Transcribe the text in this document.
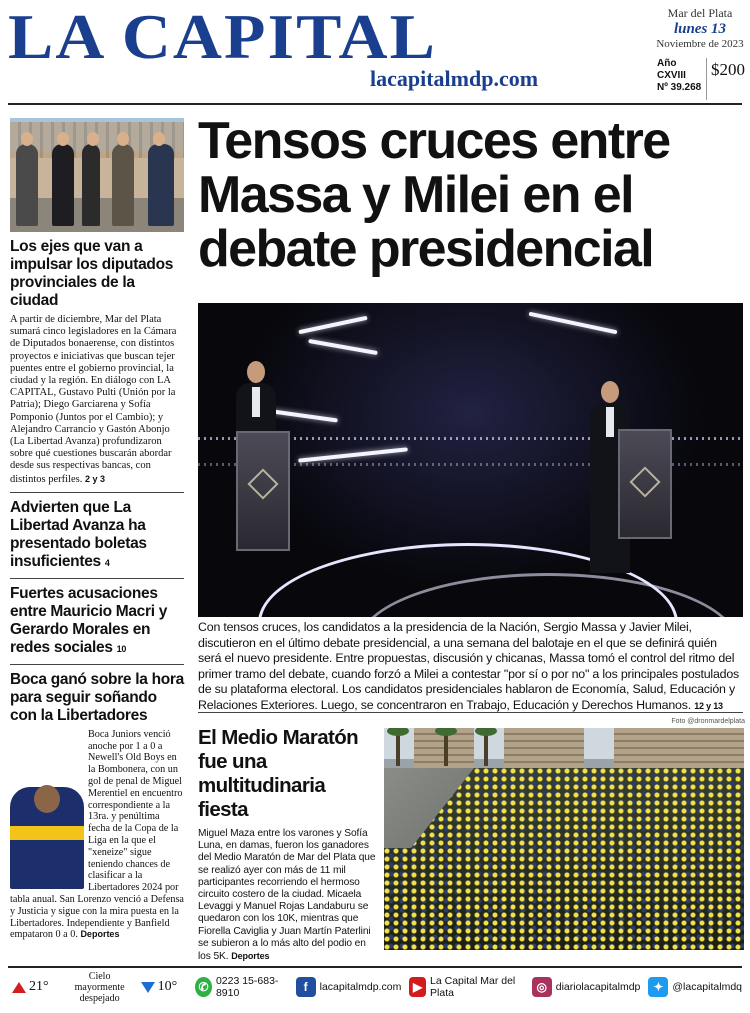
LA CAPITAL
lacapitalmdp.com
Mar del Plata
lunes 13
Noviembre de 2023
Año CXVIII
Nº 39.268
$200
Los ejes que van a impulsar los diputados provinciales de la ciudad
A partir de diciembre, Mar del Plata sumará cinco legisladores en la Cámara de Diputados bonaerense, con distintos proyectos e iniciativas que buscan tejer puentes entre el gobierno provincial, la ciudad y la región. En diálogo con LA CAPITAL, Gustavo Pulti (Unión por la Patria); Diego Garciarena y Sofía Pomponio (Juntos por el Cambio); y Alejandro Carrancio y Gastón Abonjo (La Libertad Avanza) profundizaron sobre qué cuestiones buscarán abordar desde sus respectivas bancas, con distintos perfiles. 2 y 3
Advierten que La Libertad Avanza ha presentado boletas insuficientes 4
Fuertes acusaciones entre Mauricio Macri y Gerardo Morales en redes sociales 10
Boca ganó sobre la hora para seguir soñando con la Libertadores
Boca Juniors venció anoche por 1 a 0 a Newell's Old Boys en la Bombonera, con un gol de penal de Miguel Merentiel en encuentro correspondiente a la 13ra. y penúltima fecha de la Copa de la Liga en la que el "xeneize" sigue teniendo chances de clasificar a la Libertadores 2024 por tabla anual. San Lorenzo venció a Defensa y Justicia y sigue con la mira puesta en la Libertadores. Independiente y Banfield empataron 0 a 0. Deportes
Tensos cruces entre Massa y Milei en el debate presidencial
Con tensos cruces, los candidatos a la presidencia de la Nación, Sergio Massa y Javier Milei, discutieron en el último debate presidencial, a una semana del balotaje en el que se definirá quién será el nuevo presidente. Entre propuestas, discusión y chicanas, Massa tomó el control del ritmo del primer tramo del debate, cuando forzó a Milei a contestar "por sí o por no" a los principales postulados de su plataforma electoral. Los candidatos presidenciales hablaron de Economía, Salud, Educación y Relaciones Exteriores. Luego, se concentraron en Trabajo, Educación y Derechos Humanos. 12 y 13
El Medio Maratón fue una multitudinaria fiesta
Miguel Maza entre los varones y Sofía Luna, en damas, fueron los ganadores del Medio Maratón de Mar del Plata que se realizó ayer con más de 11 mil participantes recorriendo el hermoso circuito costero de la ciudad. Micaela Levaggi y Manuel Rojas Landaburu se quedaron con los 10K, mientras que Fiorella Caviglia y Juan Martín Paterlini se subieron a lo más alto del podio en los 5K. Deportes
Foto @dronmardelplata
21°
Cielo mayormente despejado
10° ✆ 0223 15-683-8910	f	lacapitalmdp.com ▶ La Capital Mar del Plata	◎ diariolacapitalmdp	✦ @lacapitalmdq
